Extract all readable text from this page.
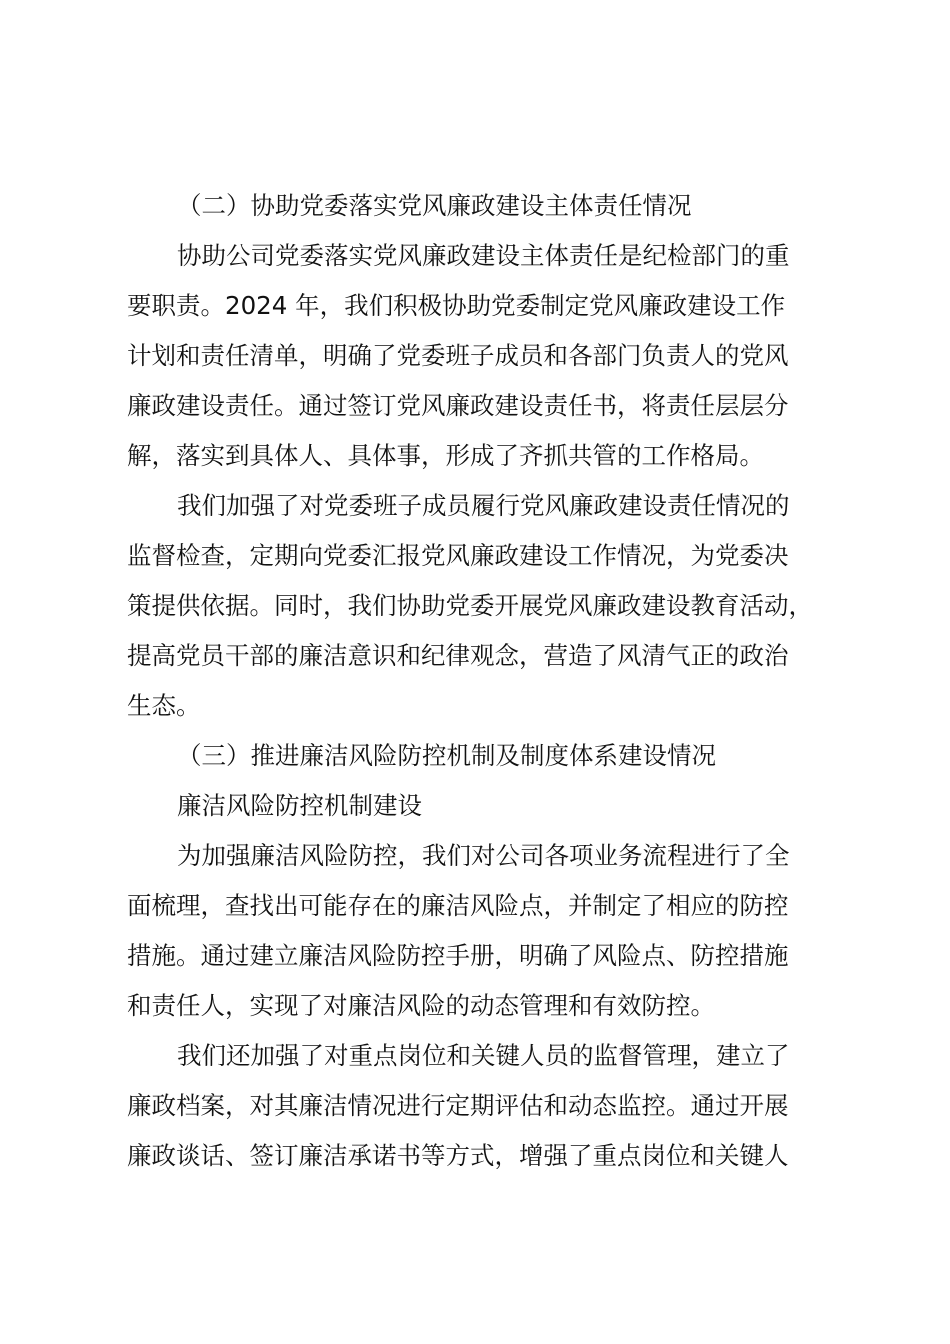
（二）协助党委落实党风廉政建设主体责任情况
协助公司党委落实党风廉政建设主体责任是纪检部门的重
要职责。2024 年，我们积极协助党委制定党风廉政建设工作
计划和责任清单，明确了党委班子成员和各部门负责人的党风
廉政建设责任。通过签订党风廉政建设责任书，将责任层层分
解，落实到具体人、具体事，形成了齐抓共管的工作格局。
我们加强了对党委班子成员履行党风廉政建设责任情况的
监督检查，定期向党委汇报党风廉政建设工作情况，为党委决
策提供依据。同时，我们协助党委开展党风廉政建设教育活动，
提高党员干部的廉洁意识和纪律观念，营造了风清气正的政治
生态。
（三）推进廉洁风险防控机制及制度体系建设情况
廉洁风险防控机制建设
为加强廉洁风险防控，我们对公司各项业务流程进行了全
面梳理，查找出可能存在的廉洁风险点，并制定了相应的防控
措施。通过建立廉洁风险防控手册，明确了风险点、防控措施
和责任人，实现了对廉洁风险的动态管理和有效防控。
我们还加强了对重点岗位和关键人员的监督管理，建立了
廉政档案，对其廉洁情况进行定期评估和动态监控。通过开展
廉政谈话、签订廉洁承诺书等方式，增强了重点岗位和关键人
